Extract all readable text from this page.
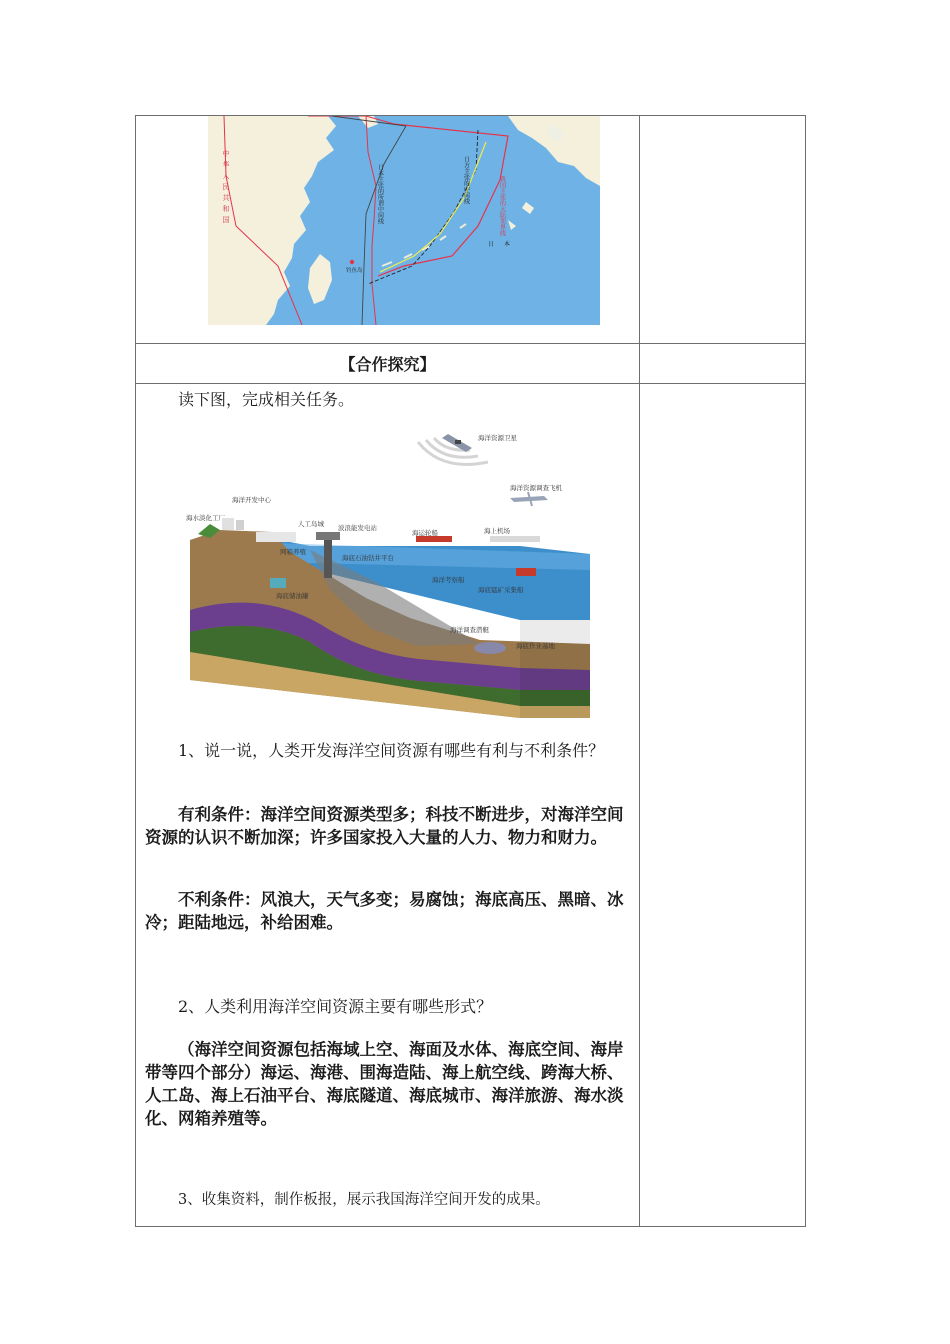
中华人民共和国	日本主张的所谓中间线	日方主张的中间线	我国主张的大陆架界线
钓鱼岛
日本
【合作探究】
读下图，完成相关任务。
海洋资源卫星
海洋资源调查飞机
海洋开发中心
海水淡化工厂
人工岛城 波浪能发电站
海运轮船	海上机场
网箱养殖
海底石油钻井平台
海洋考察船
海底锰矿采集船
海底储油罐
海洋调查潜艇
海底作业基地
1、说一说，人类开发海洋空间资源有哪些有利与不利条件？
有利条件：海洋空间资源类型多；科技不断进步，对海洋空间资源的认识不断加深；许多国家投入大量的人力、物力和财力。
不利条件：风浪大，天气多变；易腐蚀；海底高压、黑暗、冰冷；距陆地远，补给困难。
2、人类利用海洋空间资源主要有哪些形式？
（海洋空间资源包括海域上空、海面及水体、海底空间、海岸带等四个部分）海运、海港、围海造陆、海上航空线、跨海大桥、人工岛、海上石油平台、海底隧道、海底城市、海洋旅游、海水淡化、网箱养殖等。
3、收集资料，制作板报，展示我国海洋空间开发的成果。
